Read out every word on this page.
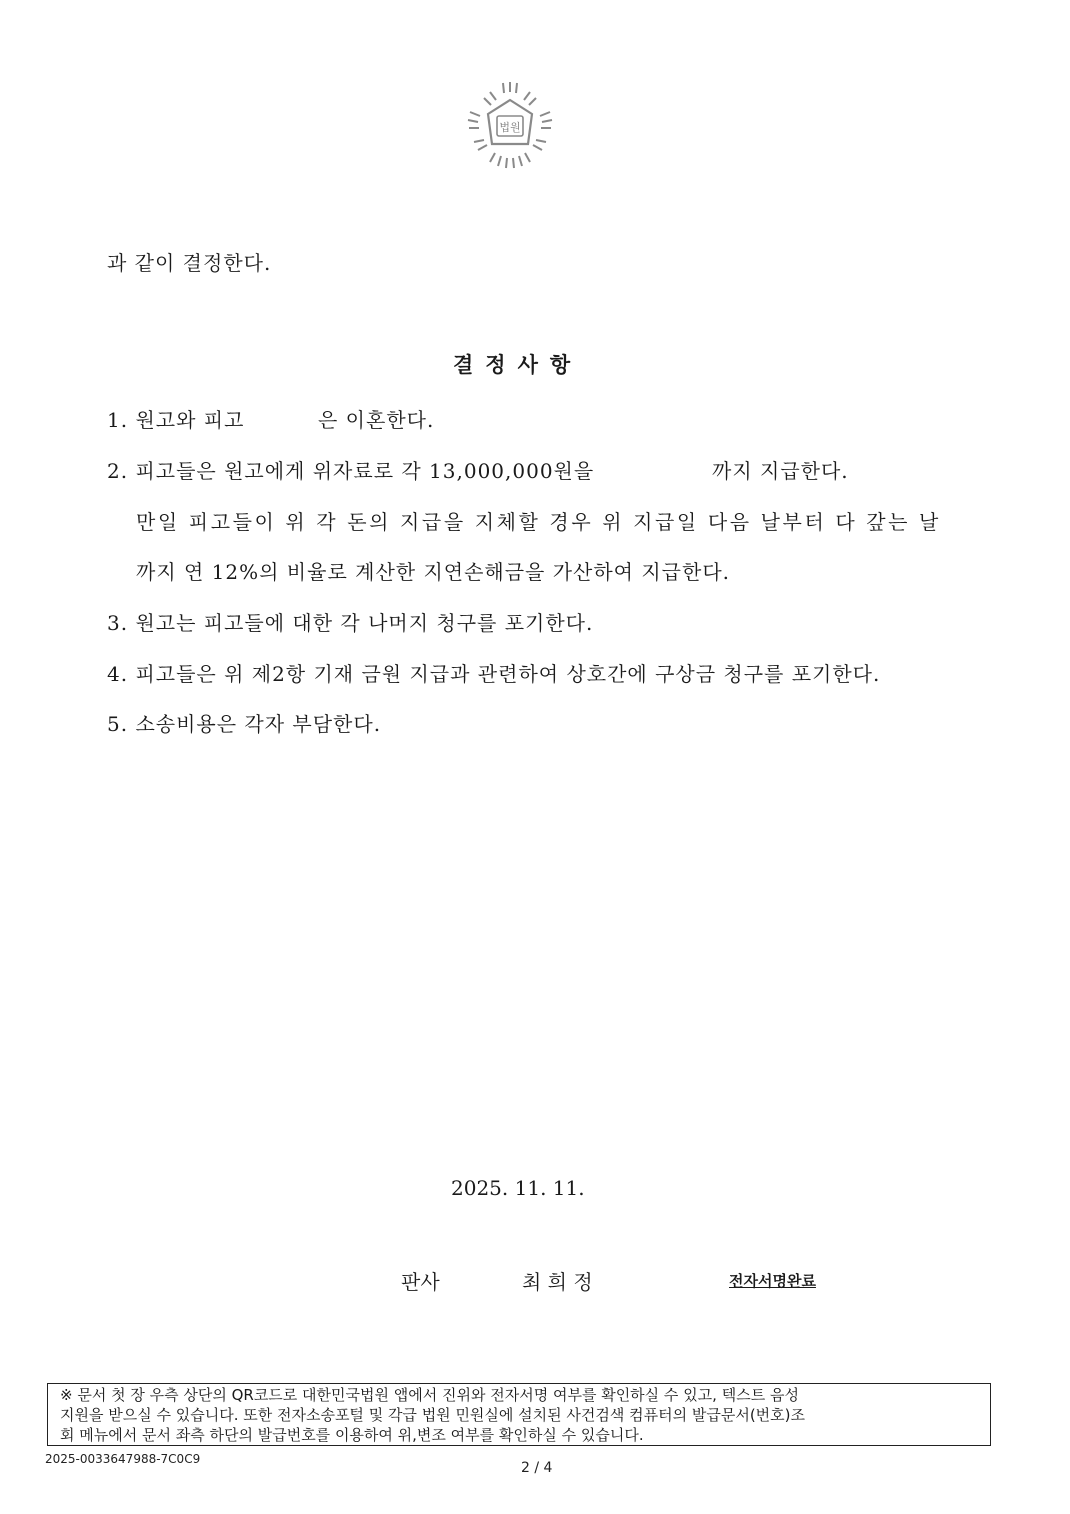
법원
과 같이 결정한다.
결정사항
1. 원고와 피고	은 이혼한다.
2. 피고들은 원고에게 위자료로 각 13,000,000원을	까지 지급한다.
만일 피고들이 위 각 돈의 지급을 지체할 경우 위 지급일 다음 날부터 다 갚는 날
까지 연 12%의 비율로 계산한 지연손해금을 가산하여 지급한다.
3. 원고는 피고들에 대한 각 나머지 청구를 포기한다.
4. 피고들은 위 제2항 기재 금원 지급과 관련하여 상호간에 구상금 청구를 포기한다.
5. 소송비용은 각자 부담한다.
2025. 11. 11.
판사	최 희 정	전자서명완료
※ 문서 첫 장 우측 상단의 QR코드로 대한민국법원 앱에서 진위와 전자서명 여부를 확인하실 수 있고, 텍스트 음성
지원을 받으실 수 있습니다. 또한 전자소송포털 및 각급 법원 민원실에 설치된 사건검색 컴퓨터의 발급문서(번호)조
회 메뉴에서 문서 좌측 하단의 발급번호를 이용하여 위,변조 여부를 확인하실 수 있습니다.
2025-0033647988-7C0C9
2 / 4
